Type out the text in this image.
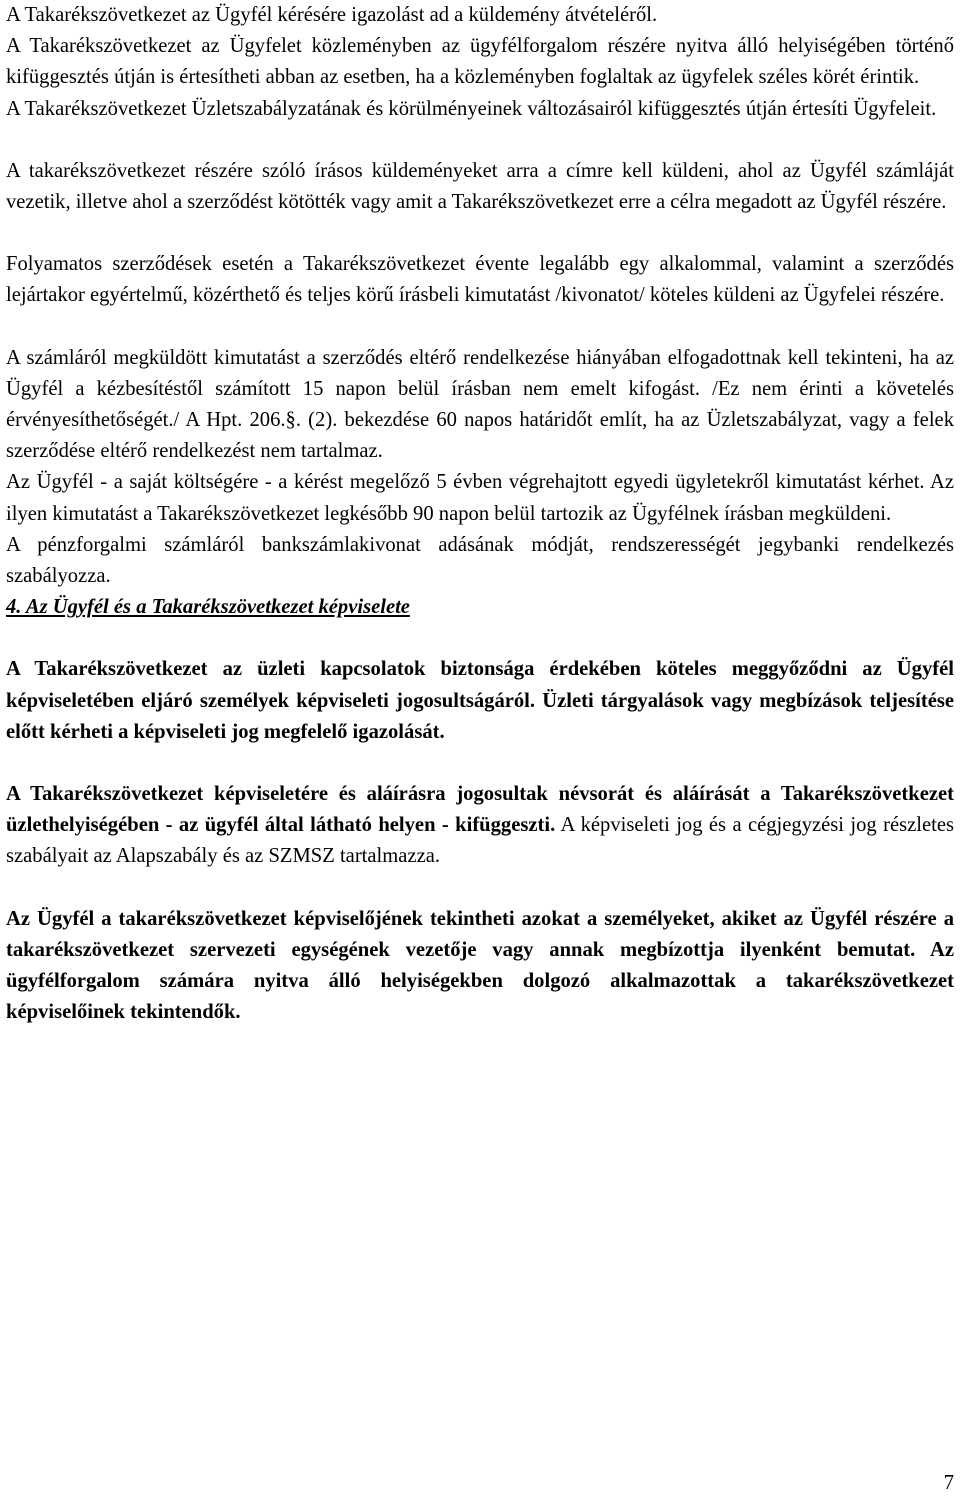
A Takarékszövetkezet az Ügyfél kérésére igazolást ad a küldemény átvételéről.

A Takarékszövetkezet az Ügyfelet közleményben az ügyfélforgalom részére nyitva álló helyiségében történő kifüggesztés útján is értesítheti abban az esetben, ha a közleményben foglaltak az ügyfelek széles körét érintik.

A Takarékszövetkezet Üzletszabályzatának és körülményeinek változásairól kifüggesztés útján értesíti Ügyfeleit.

A takarékszövetkezet részére szóló írásos küldeményeket arra a címre kell küldeni, ahol az Ügyfél számláját vezetik, illetve ahol a szerződést kötötték vagy amit a Takarékszövetkezet erre a célra megadott az Ügyfél részére.

Folyamatos szerződések esetén a Takarékszövetkezet évente legalább egy alkalommal, valamint a szerződés lejártakor egyértelmű, közérthető és teljes körű írásbeli kimutatást /kivonatot/ köteles küldeni az Ügyfelei részére.

A számláról megküldött kimutatást a szerződés eltérő rendelkezése hiányában elfogadottnak kell tekinteni, ha az Ügyfél a kézbesítéstől számított 15 napon belül írásban nem emelt kifogást. /Ez nem érinti a követelés érvényesíthetőségét./ A Hpt. 206.§. (2). bekezdése 60 napos határidőt említ, ha az Üzletszabályzat, vagy a felek szerződése eltérő rendelkezést nem tartalmaz.

Az Ügyfél - a saját költségére - a kérést megelőző 5 évben végrehajtott egyedi ügyletekről kimutatást kérhet. Az ilyen kimutatást a Takarékszövetkezet legkésőbb 90 napon belül tartozik az Ügyfélnek írásban megküldeni.

A pénzforgalmi számláról bankszámlakivonat adásának módját, rendszerességét jegybanki rendelkezés szabályozza.

4. Az Ügyfél és a Takarékszövetkezet képviselete

A Takarékszövetkezet az üzleti kapcsolatok biztonsága érdekében köteles meggyőződni az Ügyfél képviseletében eljáró személyek képviseleti jogosultságáról. Üzleti tárgyalások vagy megbízások teljesítése előtt kérheti a képviseleti jog megfelelő igazolását.

A Takarékszövetkezet képviseletére és aláírásra jogosultak névsorát és aláírását a Takarékszövetkezet üzlethelyiségében - az ügyfél által látható helyen - kifüggeszti. A képviseleti jog és a cégjegyzési jog részletes szabályait az Alapszabály és az SZMSZ tartalmazza.

Az Ügyfél a takarékszövetkezet képviselőjének tekintheti azokat a személyeket, akiket az Ügyfél részére a takarékszövetkezet szervezeti egységének vezetője vagy annak megbízottja ilyenként bemutat. Az ügyfélforgalom számára nyitva álló helyiségekben dolgozó alkalmazottak a takarékszövetkezet képviselőinek tekintendők.

7
